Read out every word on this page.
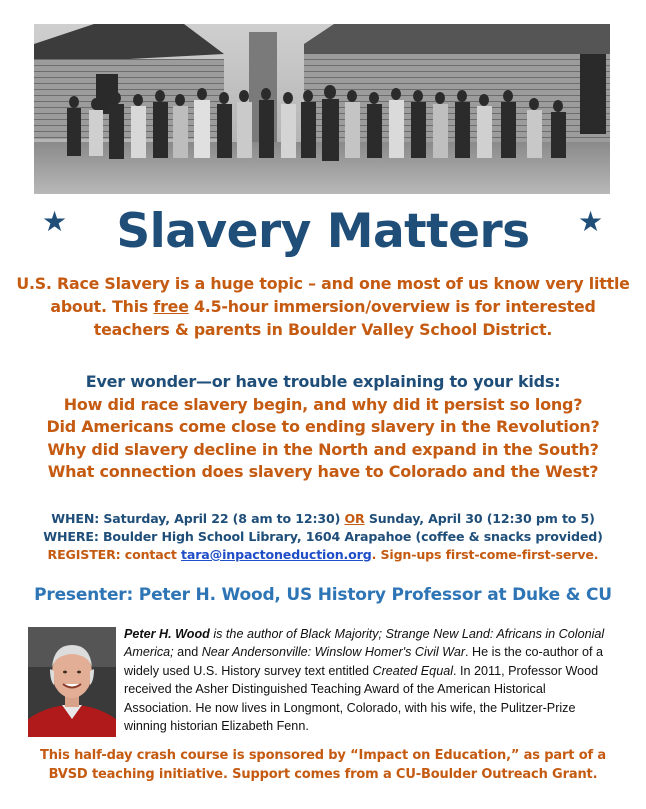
★	★
Slavery Matters
U.S. Race Slavery is a huge topic – and one most of us know very little about. This free 4.5-hour immersion/overview is for interested teachers & parents in Boulder Valley School District.
Ever wonder—or have trouble explaining to your kids:
How did race slavery begin, and why did it persist so long?
Did Americans come close to ending slavery in the Revolution?
Why did slavery decline in the North and expand in the South?
What connection does slavery have to Colorado and the West?
WHEN: Saturday, April 22 (8 am to 12:30) OR Sunday, April 30 (12:30 pm to 5)
WHERE: Boulder High School Library, 1604 Arapahoe (coffee & snacks provided)
REGISTER: contact tara@inpactoneduction.org. Sign-ups first-come-first-serve.
Presenter: Peter H. Wood, US History Professor at Duke & CU
Peter H. Wood is the author of Black Majority; Strange New Land: Africans in Colonial America; and Near Andersonville: Winslow Homer's Civil War. He is the co-author of a widely used U.S. History survey text entitled Created Equal. In 2011, Professor Wood received the Asher Distinguished Teaching Award of the American Historical Association. He now lives in Longmont, Colorado, with his wife, the Pulitzer-Prize winning historian Elizabeth Fenn.
This half-day crash course is sponsored by “Impact on Education,” as part of a
BVSD teaching initiative. Support comes from a CU-Boulder Outreach Grant.
